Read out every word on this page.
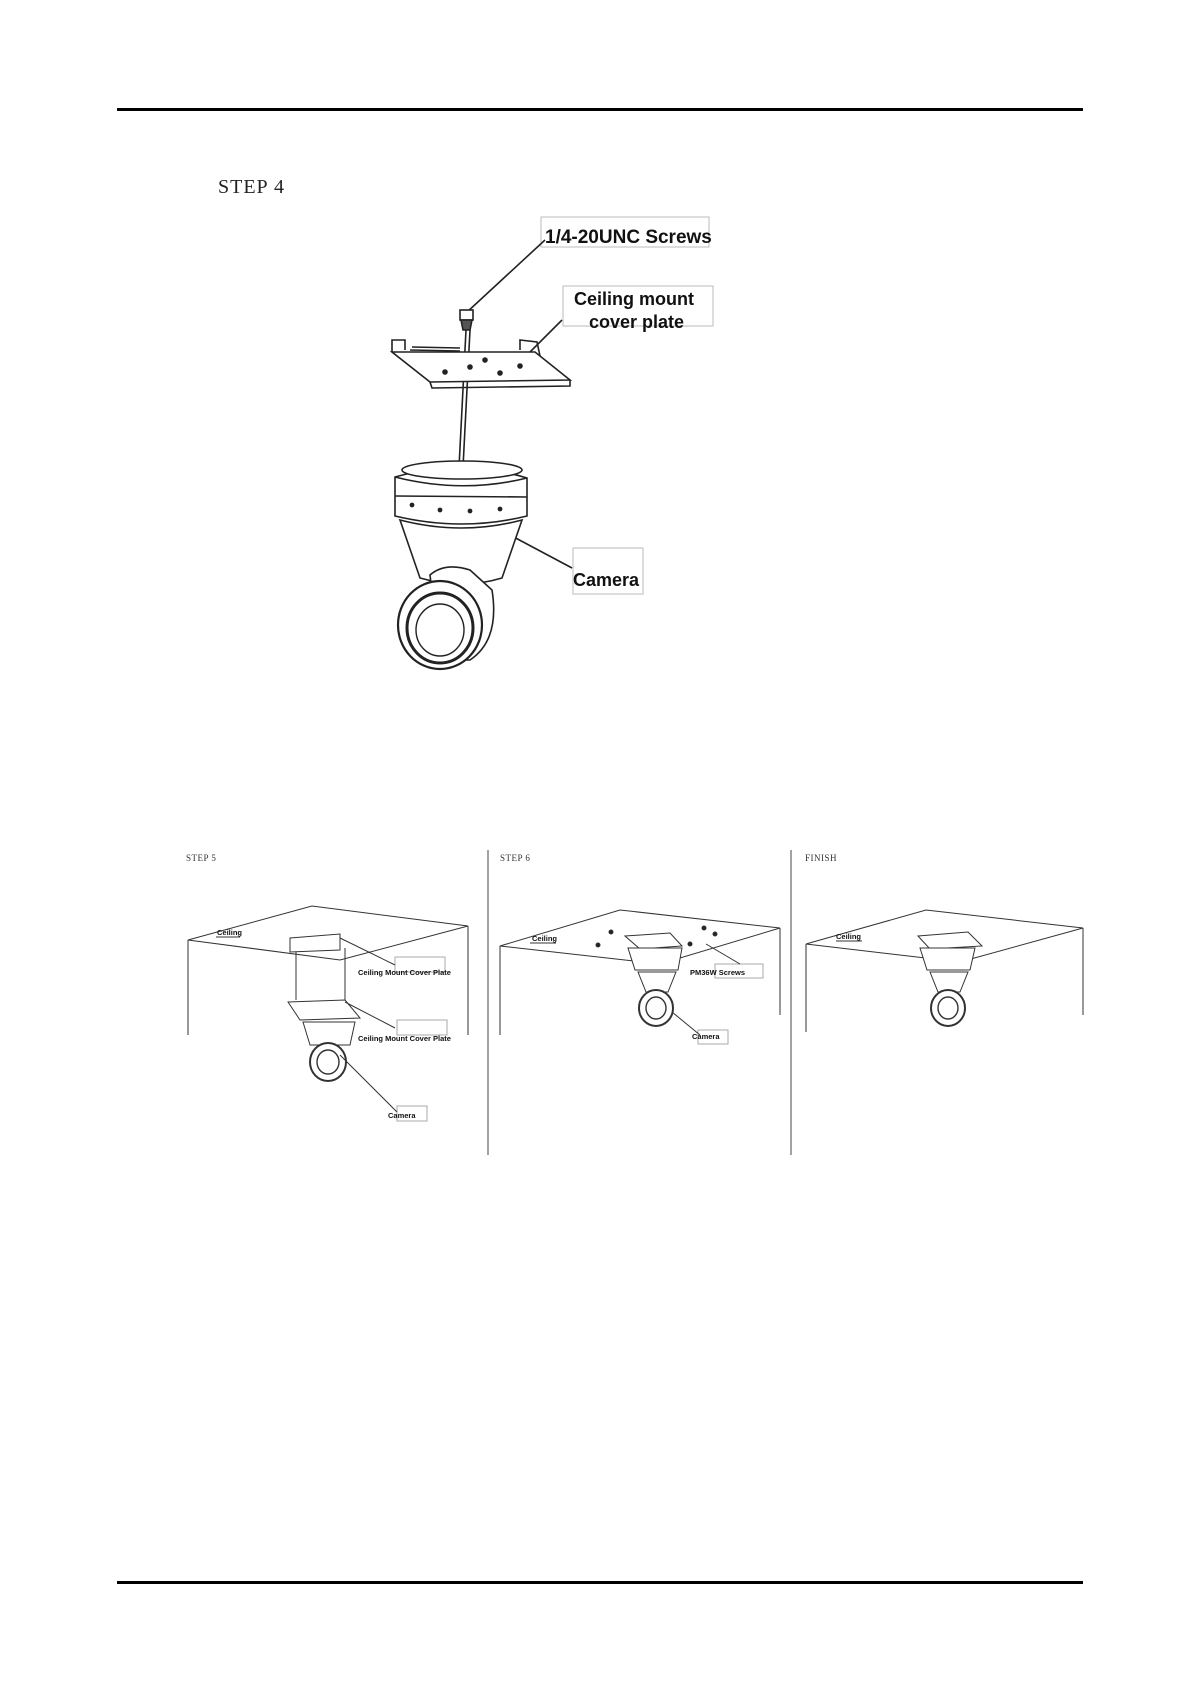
STEP 4
1/4-20UNC Screws
Ceiling mount
cover plate
Camera
STEP 5
Ceiling
Ceiling Mount Cover Plate
Ceiling Mount Cover Plate
Camera
STEP 6
Ceiling
PM36W Screws
Camera
FINISH
Ceiling
